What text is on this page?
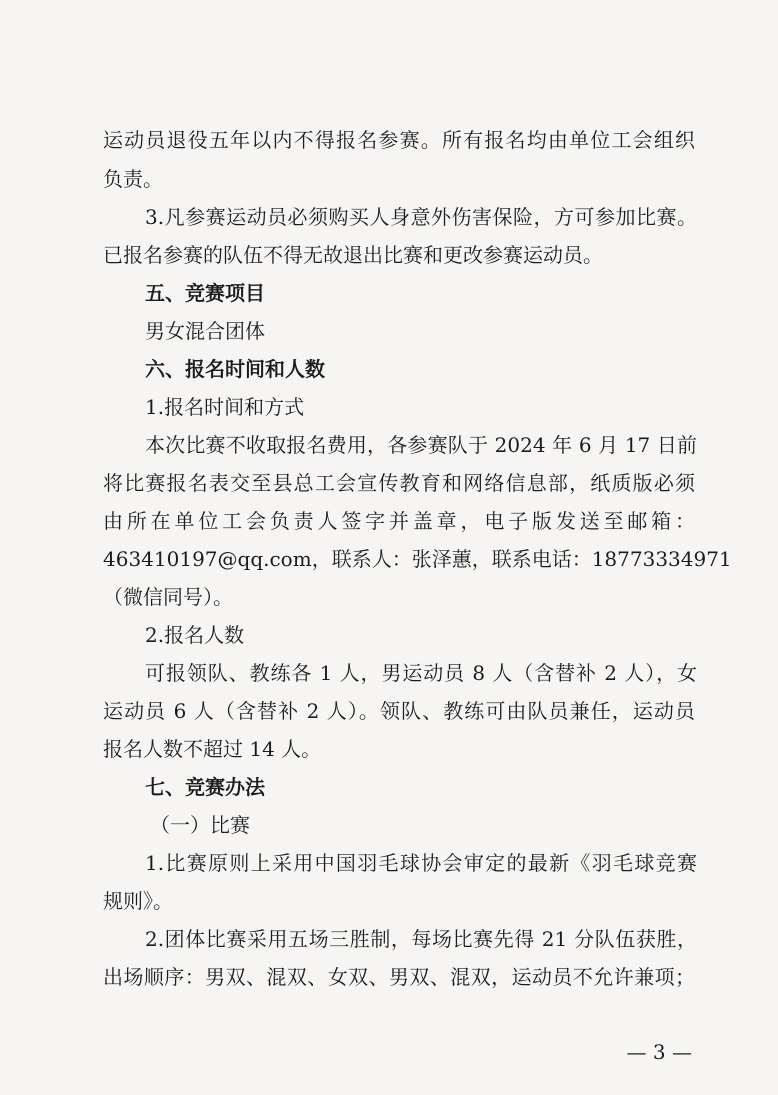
运动员退役五年以内不得报名参赛。所有报名均由单位工会组织
负责。
3.凡参赛运动员必须购买人身意外伤害保险，方可参加比赛。
已报名参赛的队伍不得无故退出比赛和更改参赛运动员。
五、竞赛项目
男女混合团体
六、报名时间和人数
1.报名时间和方式
本次比赛不收取报名费用，各参赛队于 2024 年 6 月 17 日前
将比赛报名表交至县总工会宣传教育和网络信息部，纸质版必须
由所在单位工会负责人签字并盖章，电子版发送至邮箱：
463410197@qq.com，联系人：张泽蕙，联系电话：18773334971
（微信同号）。
2.报名人数
可报领队、教练各 1 人，男运动员 8 人（含替补 2 人），女
运动员 6 人（含替补 2 人）。领队、教练可由队员兼任，运动员
报名人数不超过 14 人。
七、竞赛办法
（一）比赛
1.比赛原则上采用中国羽毛球协会审定的最新《羽毛球竞赛
规则》。
2.团体比赛采用五场三胜制，每场比赛先得 21 分队伍获胜，
出场顺序：男双、混双、女双、男双、混双，运动员不允许兼项；
— 3 —
